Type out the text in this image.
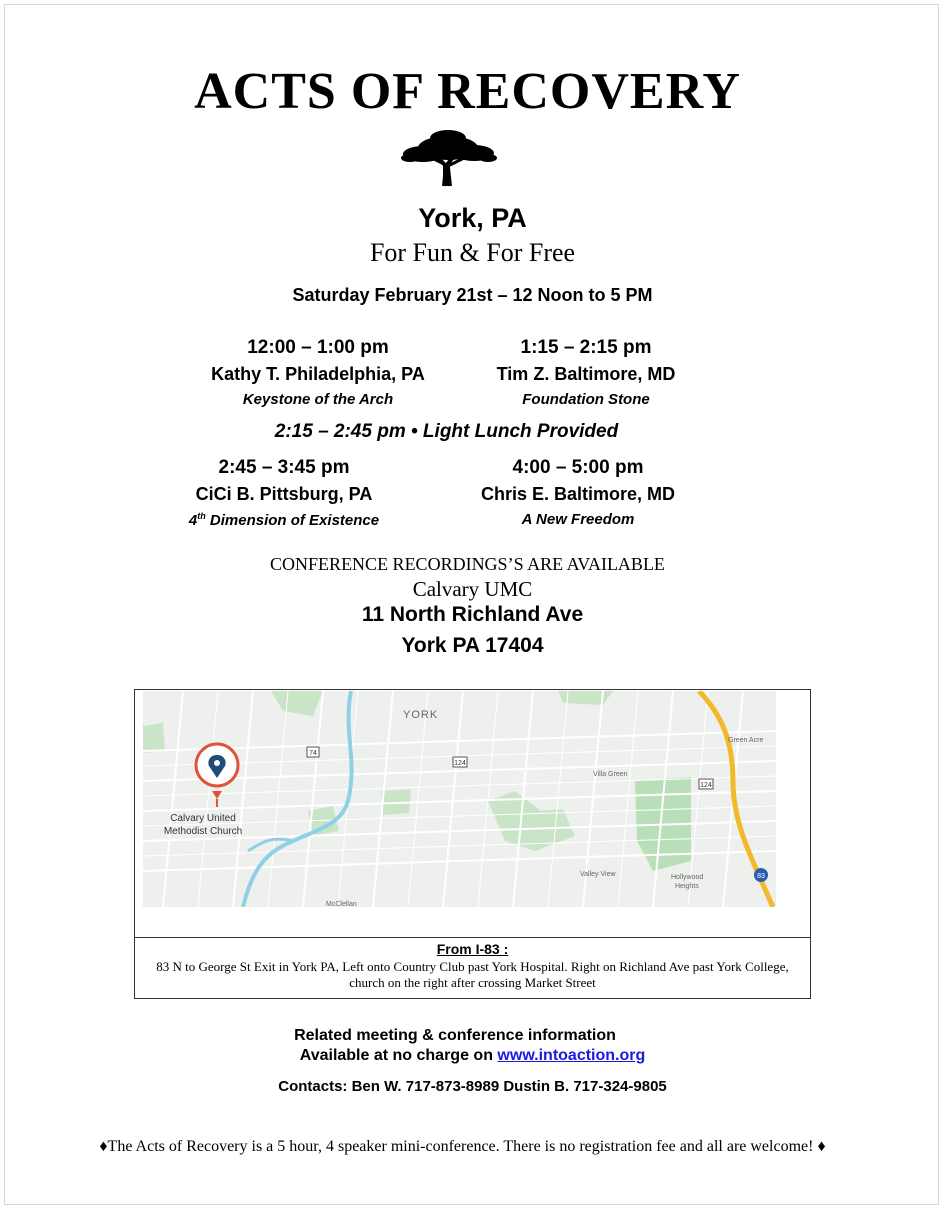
ACTS OF RECOVERY
York, PA
For Fun & For Free
Saturday February 21st – 12 Noon to 5 PM
12:00 – 1:00 pm
Kathy T. Philadelphia, PA
Keystone of the Arch
1:15 – 2:15 pm
Tim Z. Baltimore, MD
Foundation Stone
2:15 – 2:45 pm • Light Lunch Provided
2:45 – 3:45 pm
CiCi B. Pittsburg, PA
4th Dimension of Existence
4:00 – 5:00 pm
Chris E. Baltimore, MD
A New Freedom
CONFERENCE RECORDINGS’S ARE AVAILABLE
Calvary UMC
11 North Richland Ave
York PA 17404
74
124
124
83
YORK
Green Acre
Villa Green
Valley View	Hollywood
Heights
McClellan
Calvary United
Methodist Church
From I-83 :
83 N to George St Exit in York PA, Left onto Country Club past York Hospital. Right on Richland Ave past York College, church on the right after crossing Market Street
Related meeting & conference information
Available at no charge on www.intoaction.org
Contacts: Ben W. 717-873-8989 Dustin B. 717-324-9805
♦The Acts of Recovery is a 5 hour, 4 speaker mini-conference. There is no registration fee and all are welcome! ♦
